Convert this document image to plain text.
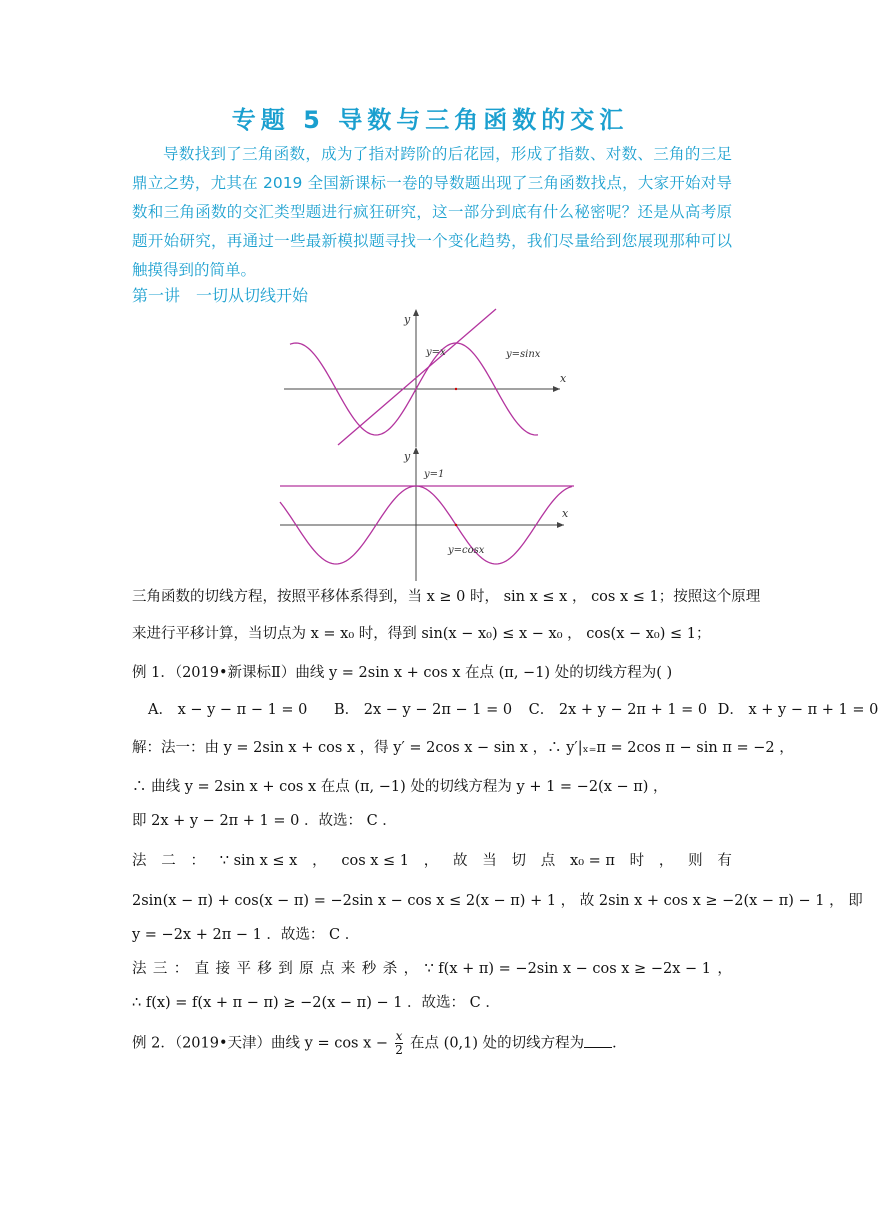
专题 5 导数与三角函数的交汇
导数找到了三角函数，成为了指对跨阶的后花园，形成了指数、对数、三角的三足鼎立之势，尤其在 2019 全国新课标一卷的导数题出现了三角函数找点，大家开始对导数和三角函数的交汇类型题进行疯狂研究，这一部分到底有什么秘密呢？还是从高考原题开始研究，再通过一些最新模拟题寻找一个变化趋势，我们尽量给到您展现那种可以触摸得到的简单。
第一讲 一切从切线开始
y
x
y=x	y=sinx
y
x
y=1
y=cosx
三角函数的切线方程，按照平移体系得到，当 x ≥ 0 时， sin x ≤ x ， cos x ≤ 1；按照这个原理
来进行平移计算，当切点为 x = x₀ 时，得到 sin(x − x₀) ≤ x − x₀ ， cos(x − x₀) ≤ 1；
例 1．（2019•新课标Ⅱ）曲线 y = 2sin x + cos x 在点 (π, −1) 处的切线方程为( )
A． x − y − π − 1 = 0 B． 2x − y − 2π − 1 = 0 C． 2x + y − 2π + 1 = 0 D． x + y − π + 1 = 0
解：法一：由 y = 2sin x + cos x ，得 y′ = 2cos x − sin x ，∴ y′|ₓ₌π = 2cos π − sin π = −2 ，
∴ 曲线 y = 2sin x + cos x 在点 (π, −1) 处的切线方程为 y + 1 = −2(x − π) ，
即 2x + y − 2π + 1 = 0 ．故选： C ．
法 二 ： ∵ sin x ≤ x ， cos x ≤ 1 ， 故 当 切 点 x₀ = π 时 ， 则 有
2sin(x − π) + cos(x − π) = −2sin x − cos x ≤ 2(x − π) + 1 ， 故 2sin x + cos x ≥ −2(x − π) − 1 ， 即
y = −2x + 2π − 1 ．故选： C ．
法 三 ： 直 接 平 移 到 原 点 来 秒 杀 ， ∵ f(x + π) = −2sin x − cos x ≥ −2x − 1 ，
∴ f(x) = f(x + π − π) ≥ −2(x − π) − 1 ．故选： C ．
例 2．（2019•天津）曲线 $y = \cos x - \frac{x}{2}$ 在点 (0,1) 处的切线方程为 ．
